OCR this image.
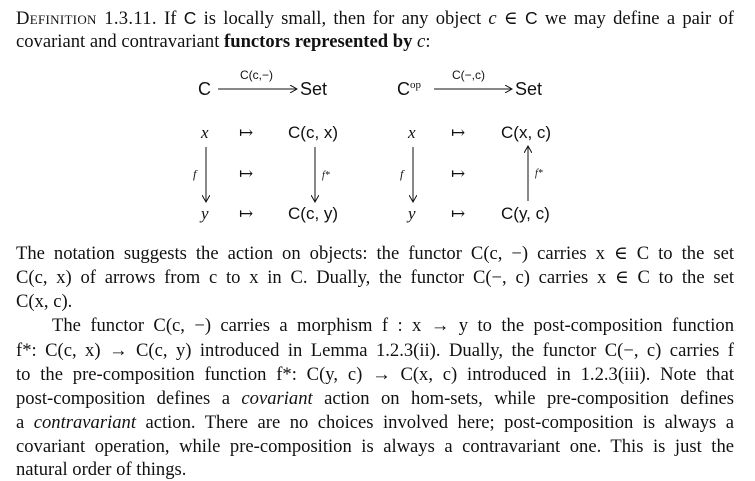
Definition 1.3.11. If C is locally small, then for any object c ∈ C we may define a pair of
covariant and contravariant functors represented by c:
C
C(c,−)
Set
x ↦ C(c, x)
f	↦	f*
y ↦ C(c, y)
C op
C(−,c)
Set
x ↦ C(x, c)
f	↦	f*
y ↦ C(y, c)
The notation suggests the action on objects: the functor C(c, −) carries x ∈ C to the set
C(c, x) of arrows from c to x in C. Dually, the functor C(−, c) carries x ∈ C to the set
C(x, c).
The functor C(c, −) carries a morphism f : x → y to the post-composition function
f*: C(c, x) → C(c, y) introduced in Lemma 1.2.3(ii). Dually, the functor C(−, c) carries f
to the pre-composition function f*: C(y, c) → C(x, c) introduced in 1.2.3(iii). Note that
post-composition defines a covariant action on hom-sets, while pre-composition defines
a contravariant action. There are no choices involved here; post-composition is always a
covariant operation, while pre-composition is always a contravariant one. This is just the
natural order of things.
